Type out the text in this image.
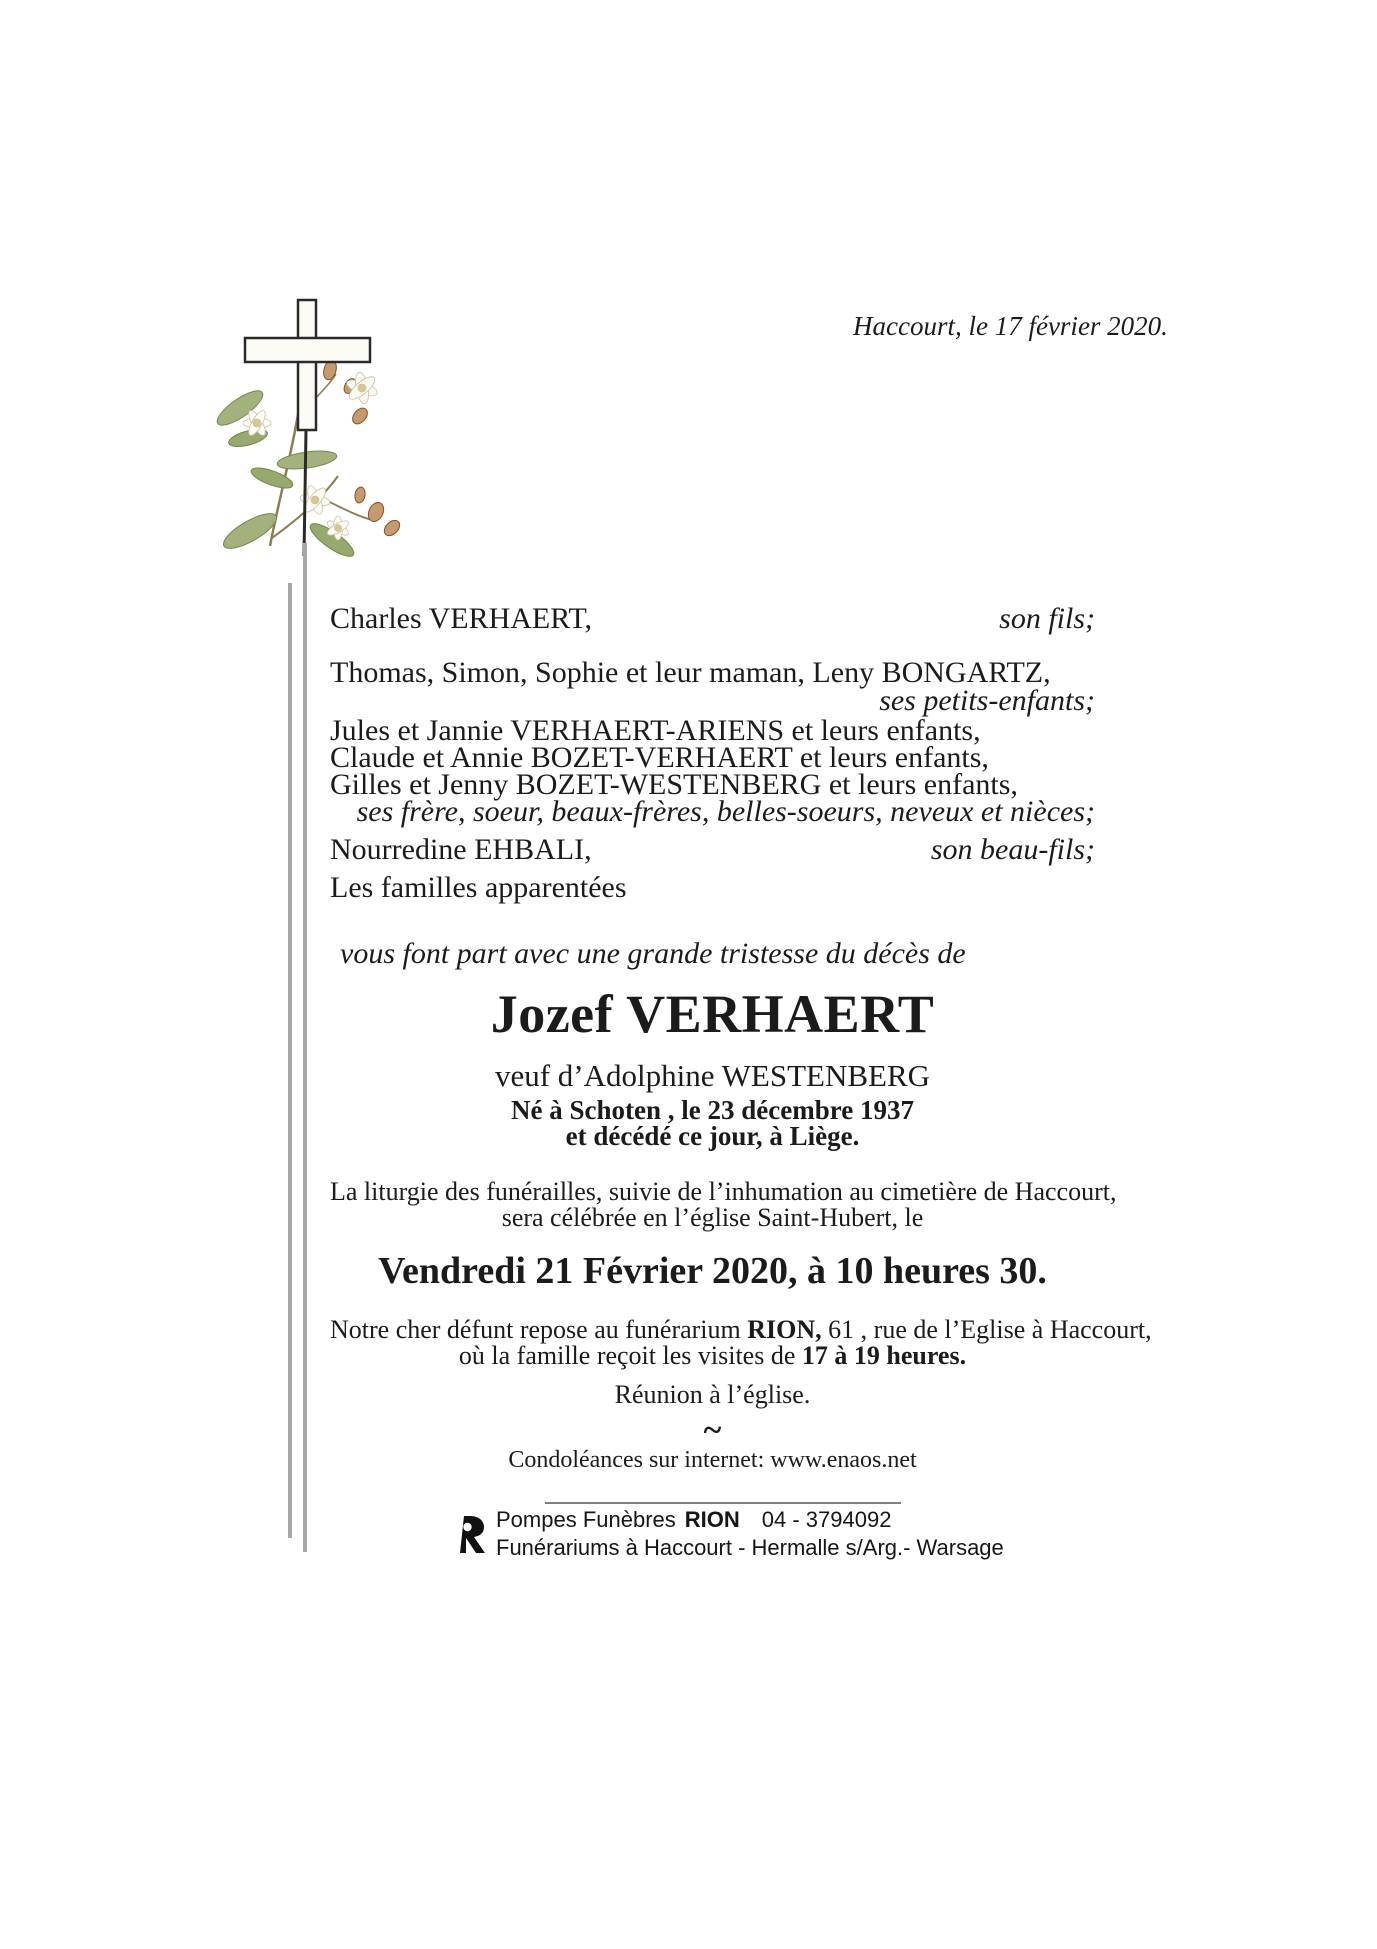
Haccourt, le 17 février 2020.
Charles VERHAERT,	son fils;
Thomas, Simon, Sophie et leur maman, Leny BONGARTZ,
ses petits-enfants;
Jules et Jannie VERHAERT-ARIENS et leurs enfants,
Claude et Annie BOZET-VERHAERT et leurs enfants,
Gilles et Jenny BOZET-WESTENBERG et leurs enfants,
ses frère, soeur, beaux-frères, belles-soeurs, neveux et nièces;
Nourredine EHBALI,	son beau-fils;
Les familles apparentées
vous font part avec une grande tristesse du décès de
Jozef VERHAERT
veuf d’Adolphine WESTENBERG
Né à Schoten , le 23 décembre 1937
et décédé ce jour, à Liège.
La liturgie des funérailles, suivie de l’inhumation au cimetière de Haccourt,
sera célébrée en l’église Saint-Hubert, le
Vendredi 21 Février 2020, à 10 heures 30.
Notre cher défunt repose au funérarium RION, 61 , rue de l’Eglise à Haccourt,
où la famille reçoit les visites de 17 à 19 heures.
Réunion à l’église.
~
Condoléances sur internet: www.enaos.net
Pompes Funèbres RION 04 - 3794092
Funérariums à Haccourt - Hermalle s/Arg.- Warsage
